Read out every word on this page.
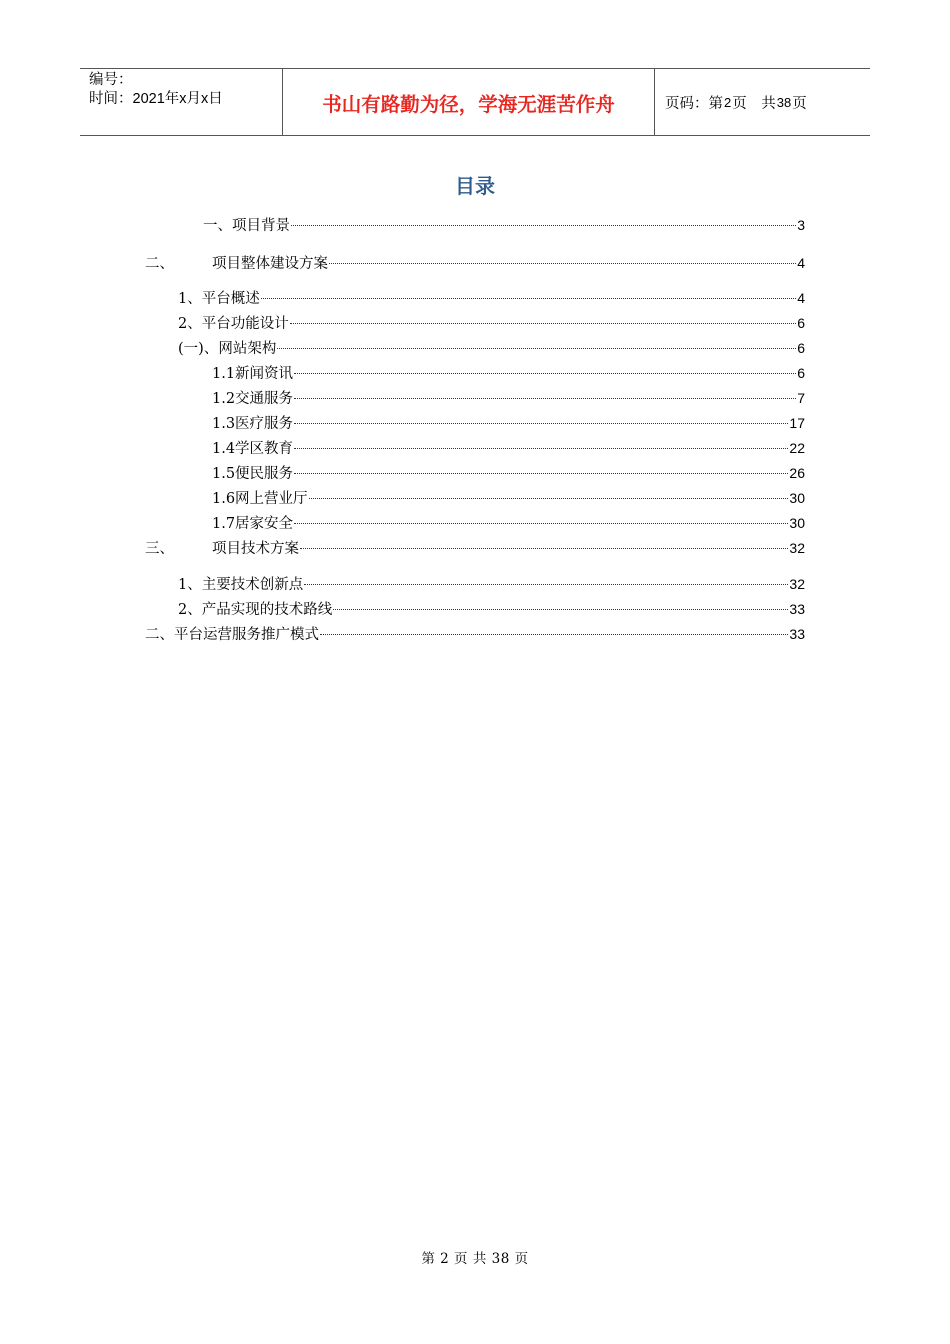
编号：
时间：2021年x月x日	书山有路勤为径，学海无涯苦作舟	页码：第 2 页　共 38 页
目录
一、项目背景	3
二、	项目整体建设方案	4
1、平台概述	4
2、平台功能设计	6
(一)、网站架构	6
1.1新闻资讯	6
1.2交通服务	7
1.3医疗服务	17
1.4学区教育	22
1.5便民服务	26
1.6网上营业厅	30
1.7居家安全	30
三、	项目技术方案	32
1、主要技术创新点	32
2、产品实现的技术路线	33
二、平台运营服务推广模式	33
第 2 页 共 38 页
